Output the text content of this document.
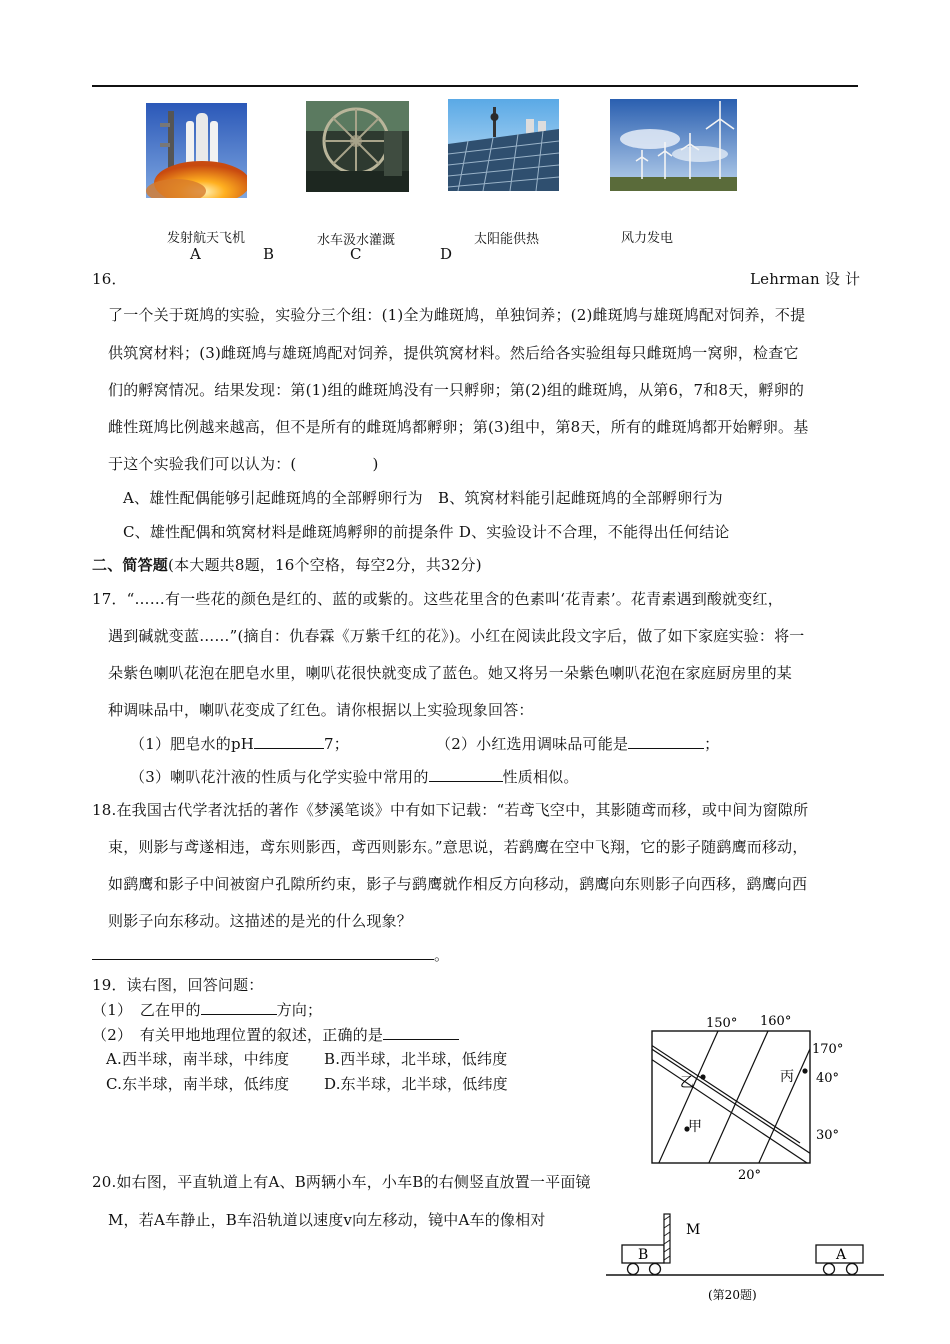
发射航天飞机	水车汲水灌溉	太阳能供热	风力发电
A	B	C	D
16．	Lehrman 设 计
了一个关于斑鸠的实验，实验分三个组：(1)全为雌斑鸠，单独饲养；(2)雌斑鸠与雄斑鸠配对饲养，不提
供筑窝材料；(3)雌斑鸠与雄斑鸠配对饲养，提供筑窝材料。然后给各实验组每只雌斑鸠一窝卵，检查它
们的孵窝情况。结果发现：第(1)组的雌斑鸠没有一只孵卵；第(2)组的雌斑鸠，从第6，7和8天，孵卵的
雌性斑鸠比例越来越高，但不是所有的雌斑鸠都孵卵；第(3)组中，第8天，所有的雌斑鸠都开始孵卵。基
于这个实验我们可以认为：(　　　　　)
A、雄性配偶能够引起雌斑鸠的全部孵卵行为　B、筑窝材料能引起雌斑鸠的全部孵卵行为
C、雄性配偶和筑窝材料是雌斑鸠孵卵的前提条件 D、实验设计不合理，不能得出任何结论
二、简答题(本大题共8题，16个空格，每空2分，共32分)
17．“……有一些花的颜色是红的、蓝的或紫的。这些花里含的色素叫‘花青素’。花青素遇到酸就变红，
遇到碱就变蓝……”(摘自：仇春霖《万紫千红的花》)。小红在阅读此段文字后，做了如下家庭实验：将一
朵紫色喇叭花泡在肥皂水里，喇叭花很快就变成了蓝色。她又将另一朵紫色喇叭花泡在家庭厨房里的某
种调味品中，喇叭花变成了红色。请你根据以上实验现象回答：
（1）肥皂水的pH	7；	（2）小红选用调味品可能是	；
（3）喇叭花汁液的性质与化学实验中常用的	性质相似。
18.在我国古代学者沈括的著作《梦溪笔谈》中有如下记载：“若鸢飞空中，其影随鸢而移，或中间为窗隙所
束，则影与鸢遂相违，鸢东则影西，鸢西则影东。”意思说，若鹞鹰在空中飞翔，它的影子随鹞鹰而移动，
如鹞鹰和影子中间被窗户孔隙所约束，影子与鹞鹰就作相反方向移动，鹞鹰向东则影子向西移，鹞鹰向西
则影子向东移动。这描述的是光的什么现象？
。
19．读右图，回答问题：
（1）　乙在甲的	方向；
（2）　有关甲地地理位置的叙述，正确的是
A.西半球，南半球，中纬度 B.西半球，北半球，低纬度
C.东半球，南半球，低纬度 D.东半球，北半球，低纬度
150° 160°
170°
40°
30°
20°
乙
甲
丙
20.如右图，平直轨道上有A、B两辆小车，小车B的右侧竖直放置一平面镜
M，若A车静止，B车沿轨道以速度v向左移动，镜中A车的像相对
B
M
A
(第20题)
